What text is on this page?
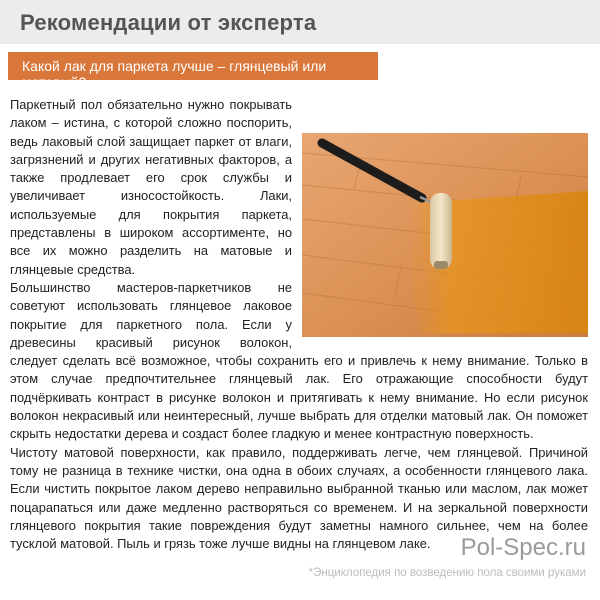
Рекомендации от эксперта
Какой лак для паркета лучше – глянцевый или матовый?

Паркетный пол обязательно нужно покрывать лаком – истина, с которой сложно поспорить, ведь лаковый слой защищает паркет от влаги, загрязнений и других негативных факторов, а также продлевает его срок службы и увеличивает износостойкость. Лаки, используемые для покрытия паркета, представлены в широком ассортименте, но все их можно разделить на матовые и глянцевые средства.

Большинство мастеров-паркетчиков не советуют использовать глянцевое лаковое покрытие для паркетного пола. Если у древесины красивый рисунок волокон, следует сделать всё возможное, чтобы сохранить его и привлечь к нему внимание. Только в этом случае предпочтительнее глянцевый лак. Его отражающие способности будут подчёркивать контраст в рисунке волокон и притягивать к нему внимание. Но если рисунок волокон некрасивый или неинтересный, лучше выбрать для отделки матовый лак. Он поможет скрыть недостатки дерева и создаст более гладкую и менее контрастную поверхность.

Чистоту матовой поверхности, как правило, поддерживать легче, чем глянцевой. Причиной тому не разница в технике чистки, она одна в обоих случаях, а особенности глянцевого лака. Если чистить покрытое лаком дерево неправильно выбранной тканью или маслом, лак может поцарапаться или даже медленно растворяться со временем. И на зеркальной поверхности глянцевого покрытия такие повреждения будут заметны намного сильнее, чем на более тусклой матовой. Пыль и грязь тоже лучше видны на глянцевом лаке.	Pol-Spec.ru
*Энциклопедия по возведению пола своими руками
